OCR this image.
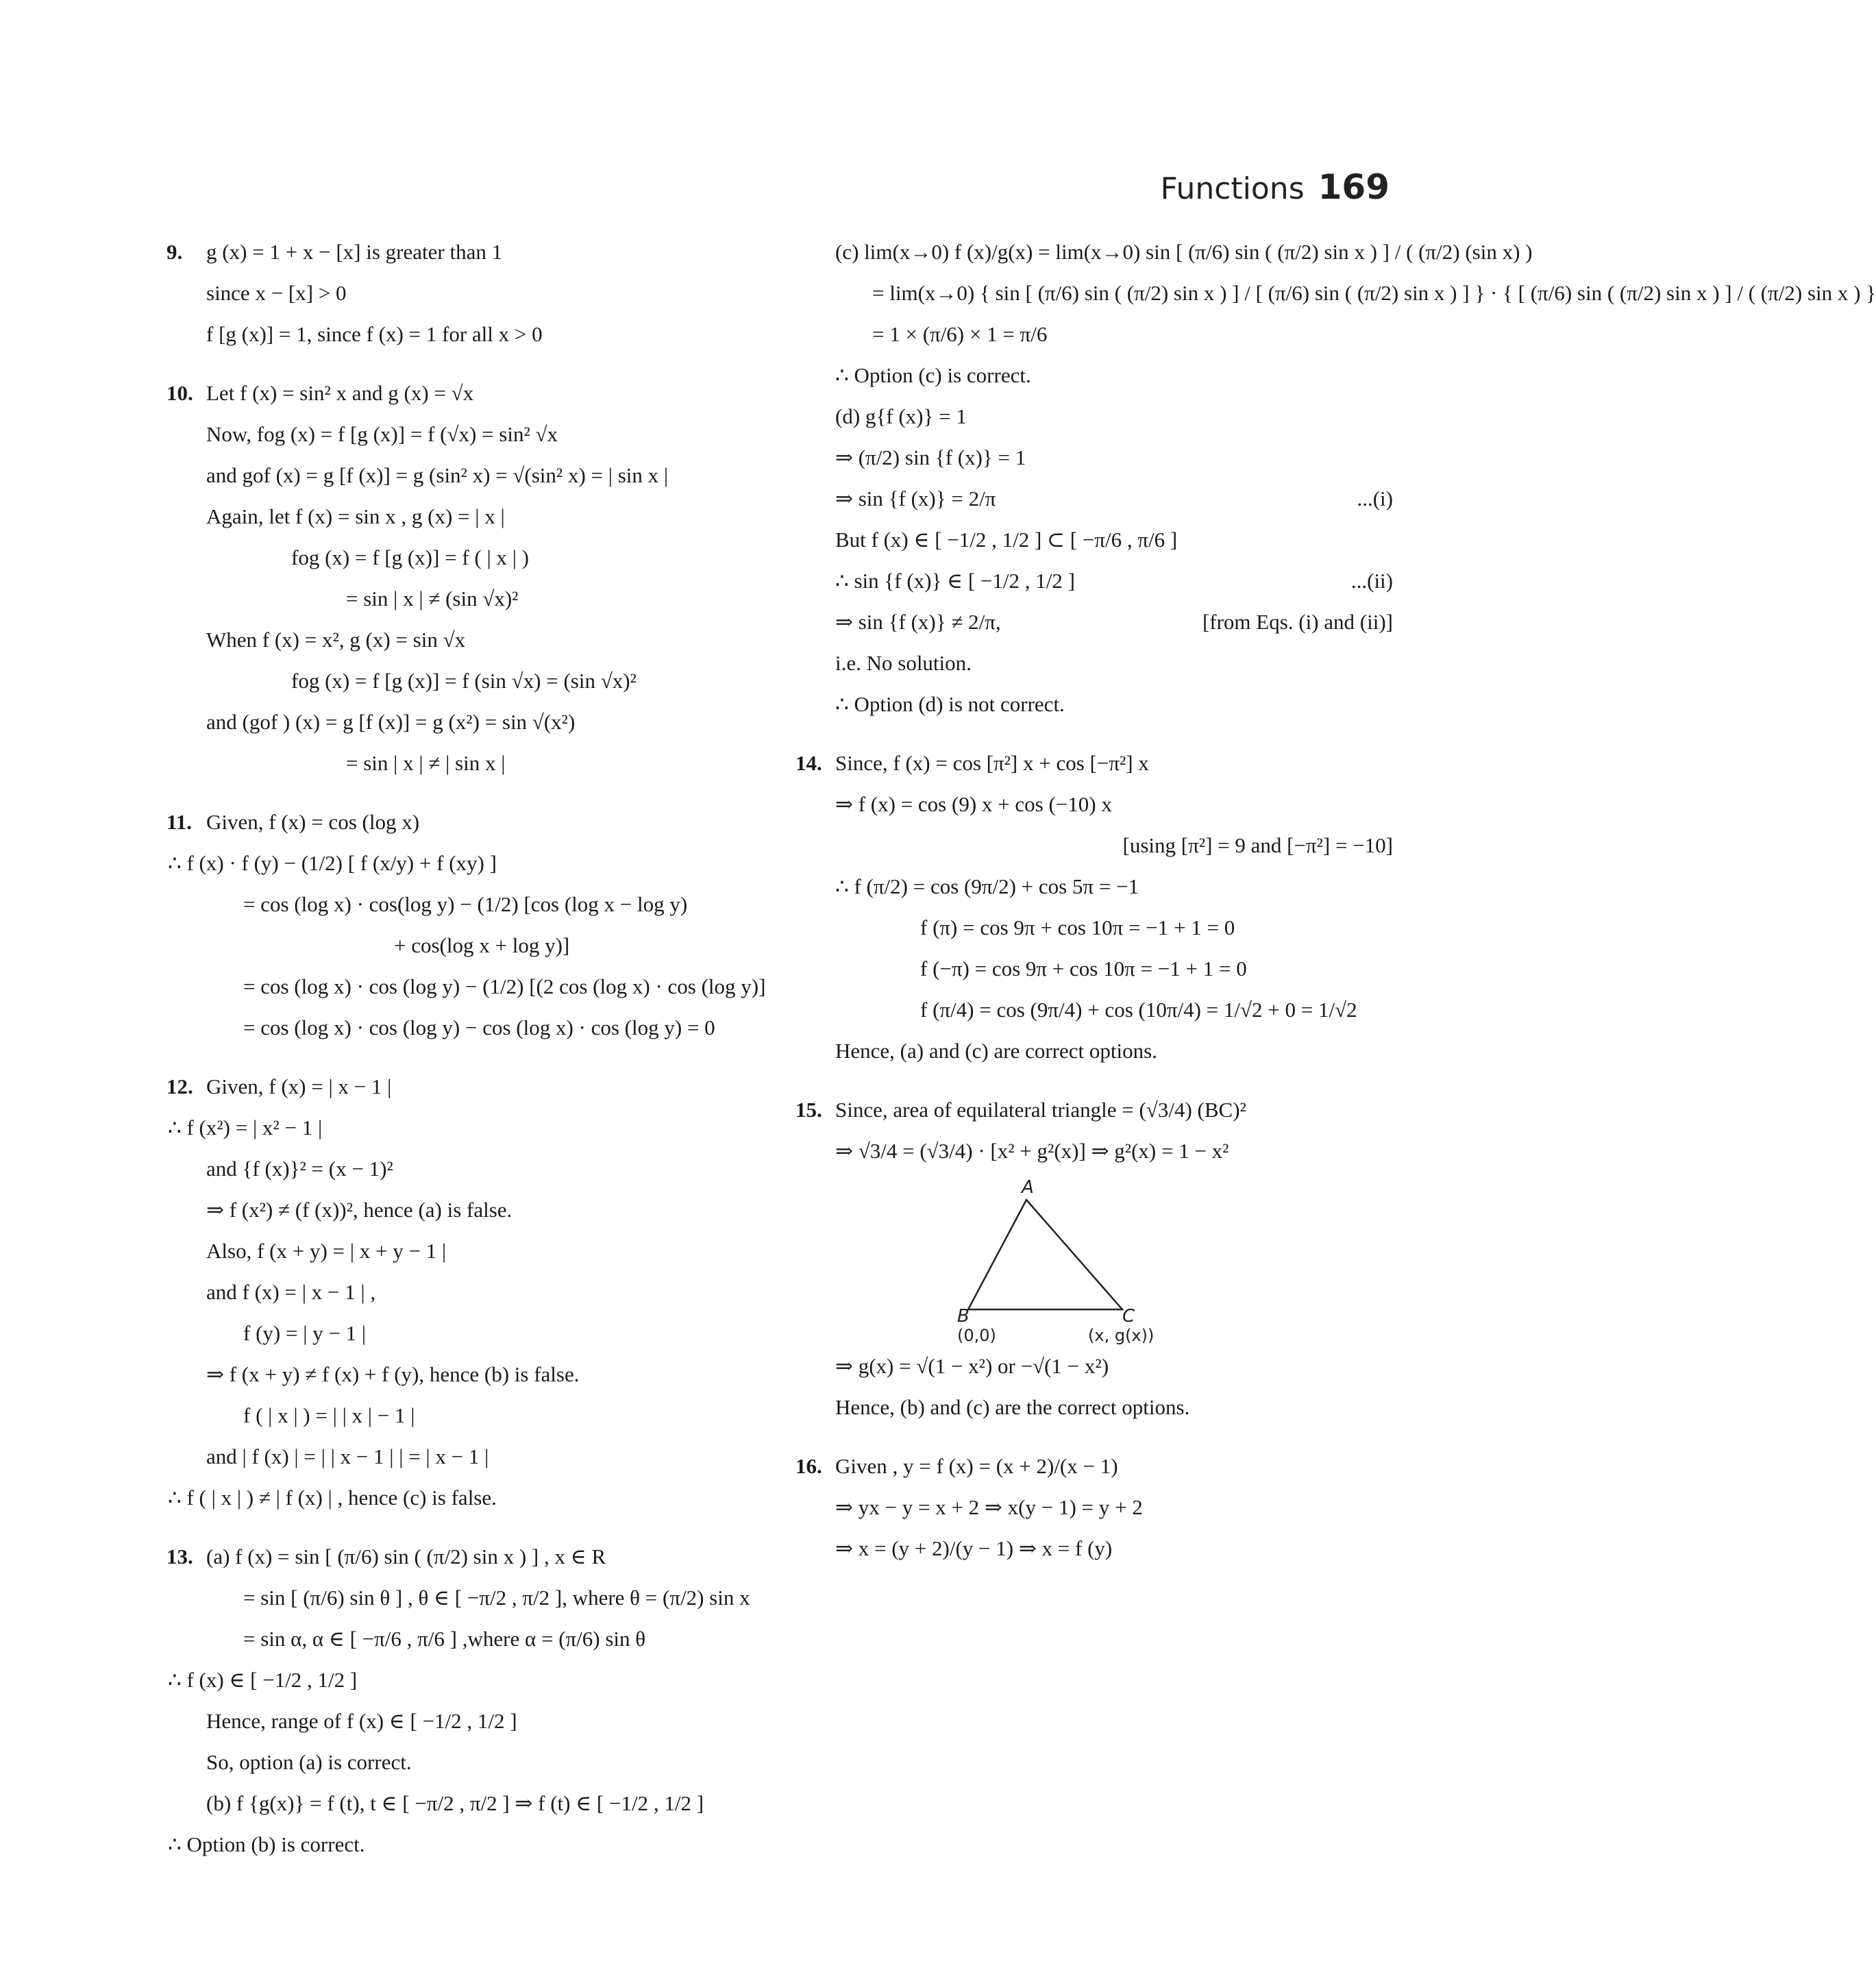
Functions 169
9. g (x) = 1 + x − [x] is greater than 1
since x − [x] > 0
f [g (x)] = 1, since f (x) = 1 for all x > 0
10. Let f (x) = sin² x and g (x) = √x
Now, fog (x) = f [g (x)] = f (√x) = sin² √x
and gof (x) = g [f (x)] = g (sin² x) = √(sin² x) = | sin x |
Again, let f (x) = sin x , g (x) = | x |
fog (x) = f [g (x)] = f ( | x | )
= sin | x | ≠ (sin √x)²
When f (x) = x², g (x) = sin √x
fog (x) = f [g (x)] = f (sin √x) = (sin √x)²
and (gof ) (x) = g [f (x)] = g (x²) = sin √(x²)
= sin | x | ≠ | sin x |
11. Given, f (x) = cos (log x)
∴ f (x) · f (y) − (1/2) [ f (x/y) + f (xy) ]
= cos (log x) · cos(log y) − (1/2) [cos (log x − log y)
+ cos(log x + log y)]
= cos (log x) · cos (log y) − (1/2) [(2 cos (log x) · cos (log y)]
= cos (log x) · cos (log y) − cos (log x) · cos (log y) = 0
12. Given, f (x) = | x − 1 |
∴ f (x²) = | x² − 1 |
and {f (x)}² = (x − 1)²
⇒ f (x²) ≠ (f (x))², hence (a) is false.
Also, f (x + y) = | x + y − 1 |
and f (x) = | x − 1 | ,
f (y) = | y − 1 |
⇒ f (x + y) ≠ f (x) + f (y), hence (b) is false.
f ( | x | ) = | | x | − 1 |
and | f (x) | = | | x − 1 | | = | x − 1 |
∴ f ( | x | ) ≠ | f (x) | , hence (c) is false.
13. (a) f (x) = sin [ (π/6) sin ( (π/2) sin x ) ] , x ∈ R
= sin [ (π/6) sin θ ] , θ ∈ [ −π/2 , π/2 ], where θ = (π/2) sin x
= sin α, α ∈ [ −π/6 , π/6 ] ,where α = (π/6) sin θ
∴ f (x) ∈ [ −1/2 , 1/2 ]
Hence, range of f (x) ∈ [ −1/2 , 1/2 ]
So, option (a) is correct.
(b) f {g(x)} = f (t), t ∈ [ −π/2 , π/2 ] ⇒ f (t) ∈ [ −1/2 , 1/2 ]
∴ Option (b) is correct.
(c) lim(x→0) f (x)/g(x) = lim(x→0) sin [ (π/6) sin ( (π/2) sin x ) ] / ( (π/2) (sin x) )
= lim(x→0) { sin [ (π/6) sin ( (π/2) sin x ) ] / [ (π/6) sin ( (π/2) sin x ) ] } · { [ (π/6) sin ( (π/2) sin x ) ] / ( (π/2) sin x ) }
= 1 × (π/6) × 1 = π/6
∴ Option (c) is correct.
(d) g{f (x)} = 1
⇒ (π/2) sin {f (x)} = 1
⇒ sin {f (x)} = 2/π	...(i)
But f (x) ∈ [ −1/2 , 1/2 ] ⊂ [ −π/6 , π/6 ]
∴ sin {f (x)} ∈ [ −1/2 , 1/2 ]	...(ii)
⇒ sin {f (x)} ≠ 2/π,	[from Eqs. (i) and (ii)]
i.e. No solution.
∴ Option (d) is not correct.
14. Since, f (x) = cos [π²] x + cos [−π²] x
⇒ f (x) = cos (9) x + cos (−10) x
[using [π²] = 9 and [−π²] = −10]
∴ f (π/2) = cos (9π/2) + cos 5π = −1
f (π) = cos 9π + cos 10π = −1 + 1 = 0
f (−π) = cos 9π + cos 10π = −1 + 1 = 0
f (π/4) = cos (9π/4) + cos (10π/4) = 1/√2 + 0 = 1/√2
Hence, (a) and (c) are correct options.
15. Since, area of equilateral triangle = (√3/4) (BC)²
⇒ √3/4 = (√3/4) · [x² + g²(x)] ⇒ g²(x) = 1 − x²
A
B	C
(0,0)	(x, g(x))
⇒ g(x) = √(1 − x²) or −√(1 − x²)
Hence, (b) and (c) are the correct options.
16. Given , y = f (x) = (x + 2)/(x − 1)
⇒ yx − y = x + 2 ⇒ x(y − 1) = y + 2
⇒ x = (y + 2)/(y − 1) ⇒ x = f (y)
